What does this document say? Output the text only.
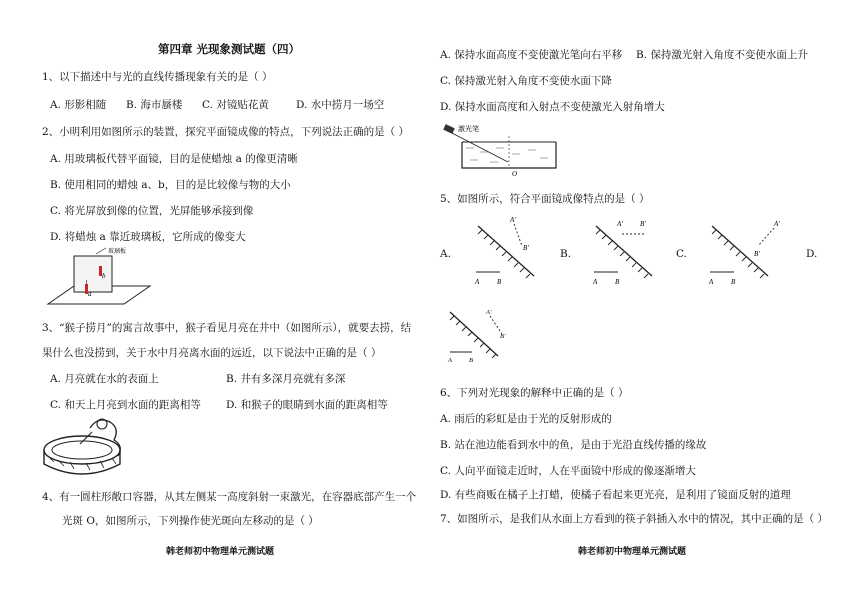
第四章 光现象测试题（四）
1、以下描述中与光的直线传播现象有关的是（ ）
A. 形影相随 B. 海市蜃楼 C. 对镜贴花黄	D. 水中捞月一场空
2、小明利用如图所示的装置，探究平面镜成像的特点，下列说法正确的是（ ）
A. 用玻璃板代替平面镜，目的是使蜡烛 a 的像更清晰
B. 使用相同的蜡烛 a、b，目的是比较像与物的大小
C. 将光屏放到像的位置，光屏能够承接到像
D. 将蜡烛 a 靠近玻璃板，它所成的像变大
玻璃板
a
b
3、“猴子捞月”的寓言故事中，猴子看见月亮在井中（如图所示），就要去捞，结
果什么也没捞到，关于水中月亮离水面的远近，以下说法中正确的是（ ）
A. 月亮就在水的表面上	B. 井有多深月亮就有多深
C. 和天上月亮到水面的距离相等 D. 和猴子的眼睛到水面的距离相等
4、有一圆柱形敞口容器，从其左侧某一高度斜射一束激光，在容器底部产生一个
光斑 O，如图所示，下列操作使光斑向左移动的是（ ）
韩老师初中物理单元测试题
A. 保持水面高度不变使激光笔向右平移 B. 保持激光射入角度不变使水面上升
C. 保持激光射入角度不变使水面下降
D. 保持水面高度和入射点不变使激光入射角增大
激光笔
O
5、如图所示，符合平面镜成像特点的是（ ）
A.	B.	C.	D.
A	B
A'
B'
A	B
A' B'
A	B
A'
B'
A	B
A'
B'
6、下列对光现象的解释中正确的是（ ）
A. 雨后的彩虹是由于光的反射形成的
B. 站在池边能看到水中的鱼，是由于光沿直线传播的缘故
C. 人向平面镜走近时，人在平面镜中形成的像逐渐增大
D. 有些商贩在橘子上打蜡，使橘子看起来更光亮，是利用了镜面反射的道理
7、如图所示，是我们从水面上方看到的筷子斜插入水中的情况，其中正确的是（ ）
韩老师初中物理单元测试题
